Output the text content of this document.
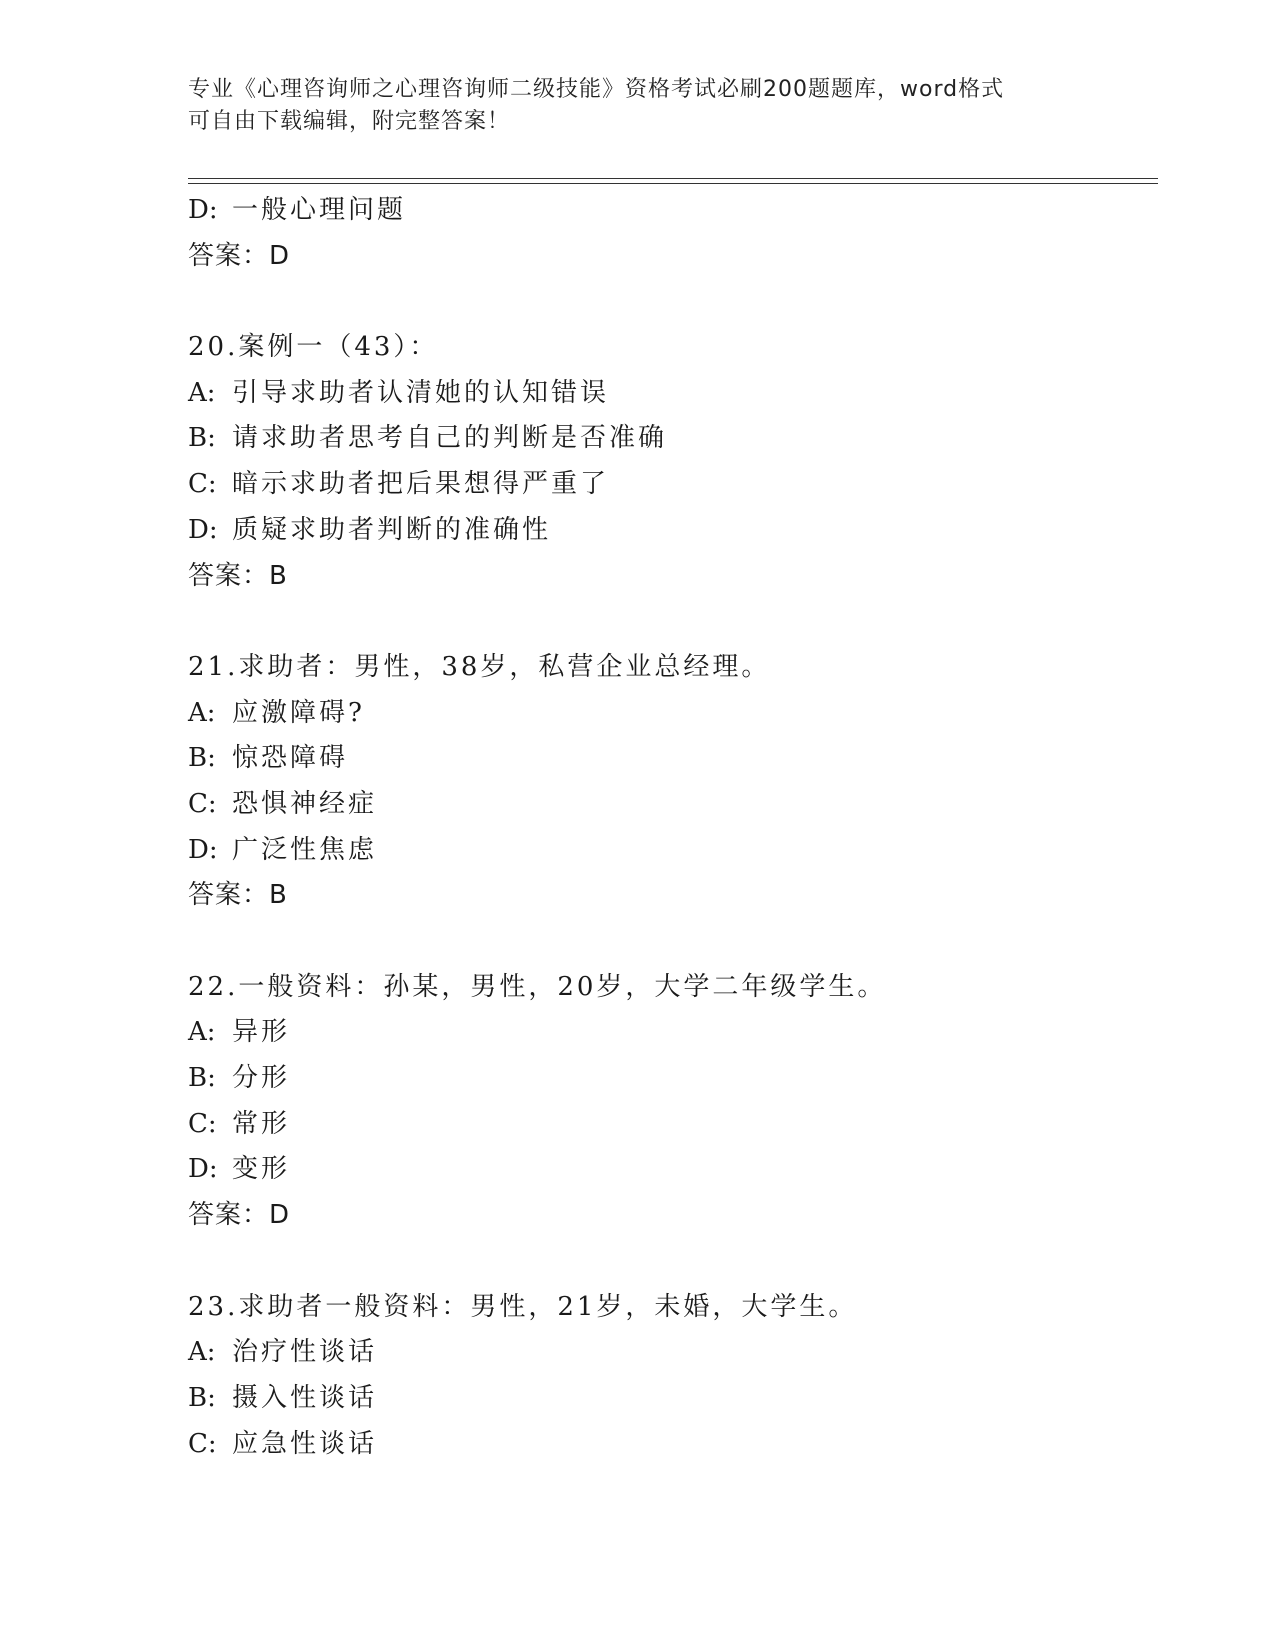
专业《心理咨询师之心理咨询师二级技能》资格考试必刷200题题库，word格式
可自由下载编辑，附完整答案！
D: 一般心理问题
答案：D
20.案例一（43）：
A: 引导求助者认清她的认知错误
B: 请求助者思考自己的判断是否准确
C: 暗示求助者把后果想得严重了
D: 质疑求助者判断的准确性
答案：B
21.求助者：男性，38岁，私营企业总经理。
A: 应激障碍?
B: 惊恐障碍
C: 恐惧神经症
D: 广泛性焦虑
答案：B
22.一般资料：孙某，男性，20岁，大学二年级学生。
A: 异形
B: 分形
C: 常形
D: 变形
答案：D
23.求助者一般资料：男性，21岁，未婚，大学生。
A: 治疗性谈话
B: 摄入性谈话
C: 应急性谈话
